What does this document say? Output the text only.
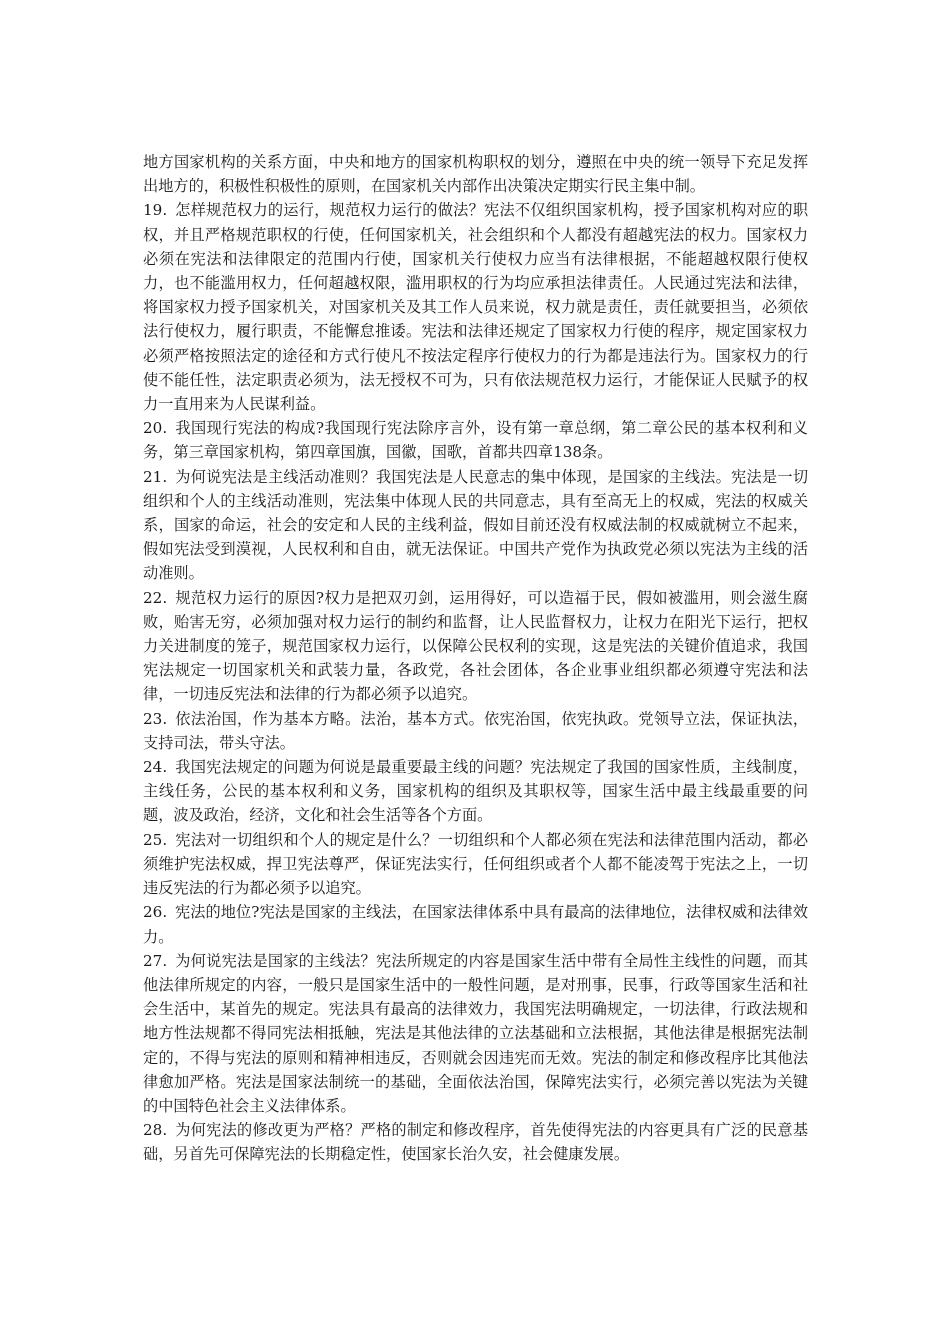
地方国家机构的关系方面，中央和地方的国家机构职权的划分，遵照在中央的统一领导下充足发挥出地方的，积极性积极性的原则，在国家机关内部作出决策决定期实行民主集中制。

19. 怎样规范权力的运行，规范权力运行的做法？宪法不仅组织国家机构，授予国家机构对应的职权，并且严格规范职权的行使，任何国家机关，社会组织和个人都没有超越宪法的权力。国家权力必须在宪法和法律限定的范围内行使，国家机关行使权力应当有法律根据，不能超越权限行使权力，也不能滥用权力，任何超越权限，滥用职权的行为均应承担法律责任。人民通过宪法和法律，将国家权力授予国家机关，对国家机关及其工作人员来说，权力就是责任，责任就要担当，必须依法行使权力，履行职责，不能懈怠推诿。宪法和法律还规定了国家权力行使的程序，规定国家权力必须严格按照法定的途径和方式行使凡不按法定程序行使权力的行为都是违法行为。国家权力的行使不能任性，法定职责必须为，法无授权不可为，只有依法规范权力运行，才能保证人民赋予的权力一直用来为人民谋利益。

20. 我国现行宪法的构成?我国现行宪法除序言外，设有第一章总纲，第二章公民的基本权利和义务，第三章国家机构，第四章国旗，国徽，国歌，首都共四章138条。

21. 为何说宪法是主线活动准则？我国宪法是人民意志的集中体现，是国家的主线法。宪法是一切组织和个人的主线活动准则，宪法集中体现人民的共同意志，具有至高无上的权威，宪法的权威关系，国家的命运，社会的安定和人民的主线利益，假如目前还没有权威法制的权威就树立不起来，假如宪法受到漠视，人民权利和自由，就无法保证。中国共产党作为执政党必须以宪法为主线的活动准则。

22. 规范权力运行的原因?权力是把双刃剑，运用得好，可以造福于民，假如被滥用，则会滋生腐败，贻害无穷，必须加强对权力运行的制约和监督，让人民监督权力，让权力在阳光下运行，把权力关进制度的笼子，规范国家权力运行，以保障公民权利的实现，这是宪法的关键价值追求，我国宪法规定一切国家机关和武装力量，各政党，各社会团体，各企业事业组织都必须遵守宪法和法律，一切违反宪法和法律的行为都必须予以追究。

23. 依法治国，作为基本方略。法治，基本方式。依宪治国，依宪执政。党领导立法，保证执法，支持司法，带头守法。

24. 我国宪法规定的问题为何说是最重要最主线的问题？宪法规定了我国的国家性质，主线制度，主线任务，公民的基本权利和义务，国家机构的组织及其职权等，国家生活中最主线最重要的问题，波及政治，经济，文化和社会生活等各个方面。

25. 宪法对一切组织和个人的规定是什么？一切组织和个人都必须在宪法和法律范围内活动，都必须维护宪法权威，捍卫宪法尊严，保证宪法实行，任何组织或者个人都不能凌驾于宪法之上，一切违反宪法的行为都必须予以追究。

26. 宪法的地位?宪法是国家的主线法，在国家法律体系中具有最高的法律地位，法律权威和法律效力。

27. 为何说宪法是国家的主线法？宪法所规定的内容是国家生活中带有全局性主线性的问题，而其他法律所规定的内容，一般只是国家生活中的一般性问题，是对刑事，民事，行政等国家生活和社会生活中，某首先的规定。宪法具有最高的法律效力，我国宪法明确规定，一切法律，行政法规和地方性法规都不得同宪法相抵触，宪法是其他法律的立法基础和立法根据，其他法律是根据宪法制定的，不得与宪法的原则和精神相违反，否则就会因违宪而无效。宪法的制定和修改程序比其他法律愈加严格。宪法是国家法制统一的基础，全面依法治国，保障宪法实行，必须完善以宪法为关键的中国特色社会主义法律体系。

28. 为何宪法的修改更为严格？严格的制定和修改程序，首先使得宪法的内容更具有广泛的民意基础，另首先可保障宪法的长期稳定性，使国家长治久安，社会健康发展。
